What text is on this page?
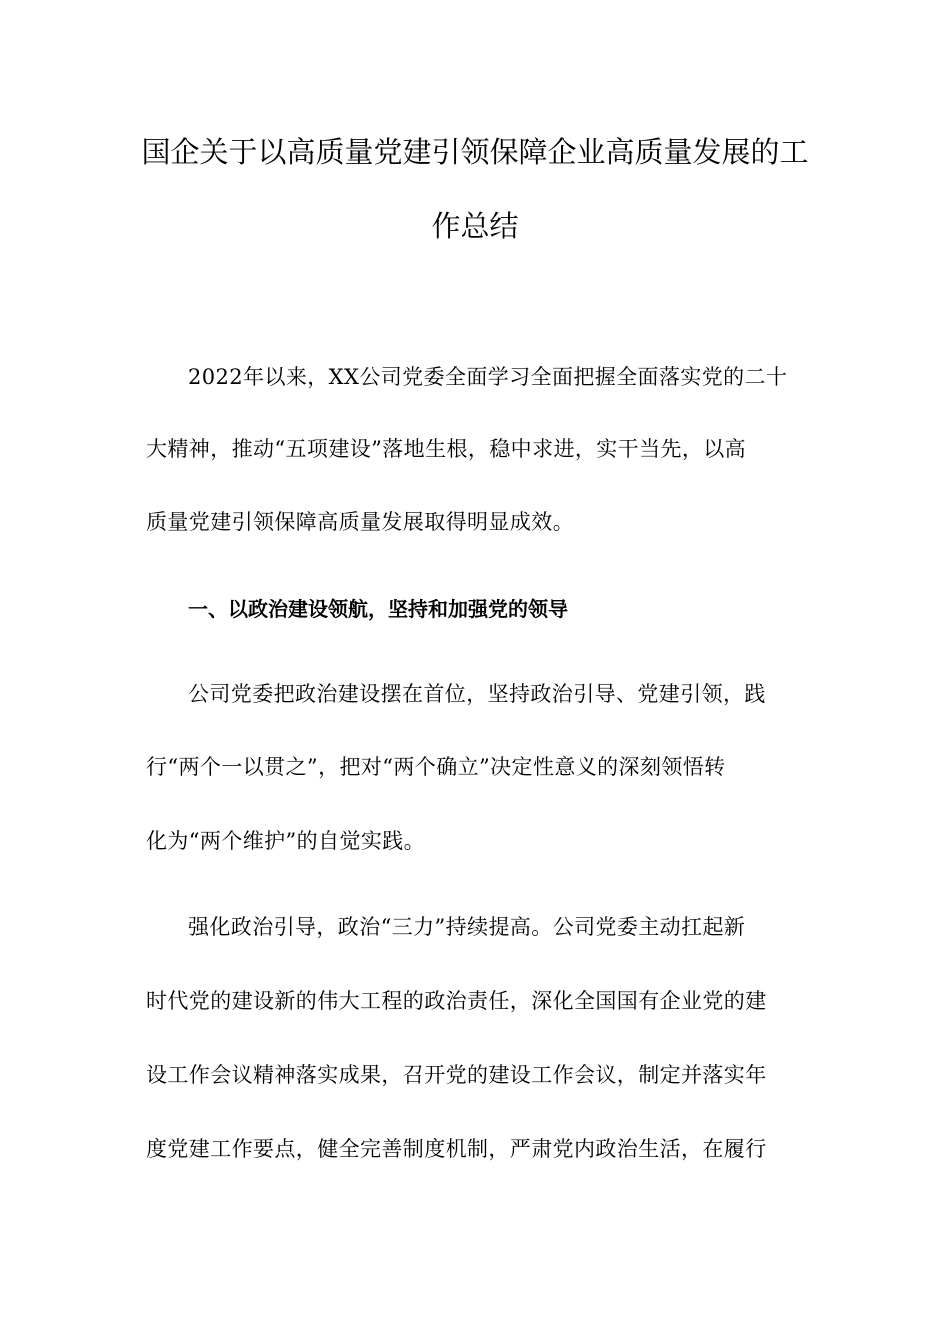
国企关于以高质量党建引领保障企业高质量发展的工
作总结
2022年以来，XX公司党委全面学习全面把握全面落实党的二十
大精神，推动“五项建设”落地生根，稳中求进，实干当先，以高
质量党建引领保障高质量发展取得明显成效。
一、以政治建设领航，坚持和加强党的领导
公司党委把政治建设摆在首位，坚持政治引导、党建引领，践
行“两个一以贯之”，把对“两个确立”决定性意义的深刻领悟转
化为“两个维护”的自觉实践。
强化政治引导，政治“三力”持续提高。公司党委主动扛起新
时代党的建设新的伟大工程的政治责任，深化全国国有企业党的建
设工作会议精神落实成果，召开党的建设工作会议，制定并落实年
度党建工作要点，健全完善制度机制，严肃党内政治生活，在履行
